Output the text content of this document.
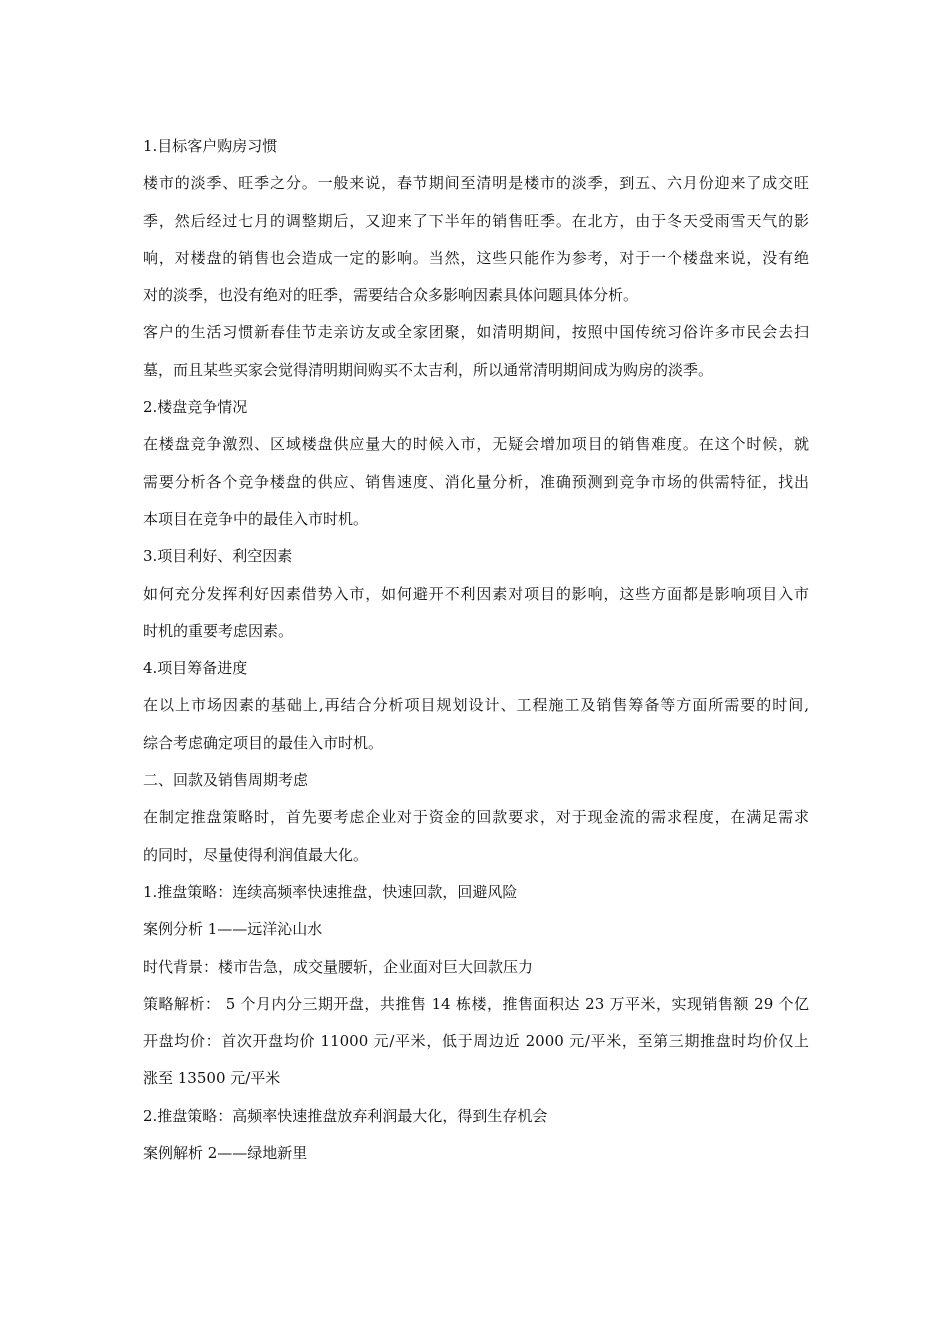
1.目标客户购房习惯
楼市的淡季、旺季之分。一般来说，春节期间至清明是楼市的淡季，到五、六月份迎来了成交旺
季，然后经过七月的调整期后，又迎来了下半年的销售旺季。在北方，由于冬天受雨雪天气的影
响，对楼盘的销售也会造成一定的影响。当然，这些只能作为参考，对于一个楼盘来说，没有绝
对的淡季，也没有绝对的旺季，需要结合众多影响因素具体问题具体分析。
客户的生活习惯新春佳节走亲访友或全家团聚，如清明期间，按照中国传统习俗许多市民会去扫
墓，而且某些买家会觉得清明期间购买不太吉利，所以通常清明期间成为购房的淡季。
2.楼盘竞争情况
在楼盘竞争激烈、区域楼盘供应量大的时候入市，无疑会增加项目的销售难度。在这个时候，就
需要分析各个竞争楼盘的供应、销售速度、消化量分析，准确预测到竞争市场的供需特征，找出
本项目在竞争中的最佳入市时机。
3.项目利好、利空因素
如何充分发挥利好因素借势入市，如何避开不利因素对项目的影响，这些方面都是影响项目入市
时机的重要考虑因素。
4.项目筹备进度
在以上市场因素的基础上,再结合分析项目规划设计、工程施工及销售筹备等方面所需要的时间,
综合考虑确定项目的最佳入市时机。
二、回款及销售周期考虑
在制定推盘策略时，首先要考虑企业对于资金的回款要求，对于现金流的需求程度，在满足需求
的同时，尽量使得利润值最大化。
1.推盘策略：连续高频率快速推盘，快速回款，回避风险
案例分析 1——远洋沁山水
时代背景：楼市告急，成交量腰斩，企业面对巨大回款压力
策略解析： 5 个月内分三期开盘，共推售 14 栋楼，推售面积达 23 万平米，实现销售额 29 个亿
开盘均价：首次开盘均价 11000 元/平米，低于周边近 2000 元/平米，至第三期推盘时均价仅上
涨至 13500 元/平米
2.推盘策略：高频率快速推盘放弃利润最大化，得到生存机会
案例解析 2——绿地新里
